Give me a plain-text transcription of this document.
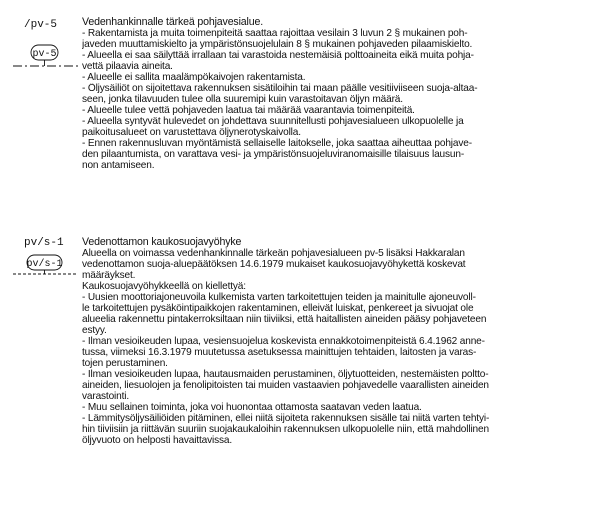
/pv-5
pv-5
Vedenhankinnalle tärkeä pohjavesialue.
- Rakentamista ja muita toimenpiteitä saattaa rajoittaa vesilain 3 luvun 2 § mukainen poh-
javeden muuttamiskielto ja ympäristönsuojelulain 8 § mukainen pohjaveden pilaamiskielto.
- Alueella ei saa säilyttää irrallaan tai varastoida nestemäisiä polttoaineita eikä muita pohja-
vettä pilaavia aineita.
- Alueelle ei sallita maalämpökaivojen rakentamista.
- Öljysäiliöt on sijoitettava rakennuksen sisätiloihin tai maan päälle vesitiiviiseen suoja-altaa-
seen, jonka tilavuuden tulee olla suuremipi kuin varastoitavan öljyn määrä.
- Alueelle tulee vettä pohjaveden laatua tai määrää vaarantavia toimenpiteitä.
- Alueella syntyvät hulevedet on johdettava suunnitellusti pohjavesialueen ulkopuolelle ja
paikoitusalueet on varustettava öljynerotyskaivolla.
- Ennen rakennusluvan myöntämistä sellaiselle laitokselle, joka saattaa aiheuttaa pohjave-
den pilaantumista, on varattava vesi- ja ympäristönsuojeluviranomaisille tilaisuus lausun-
non antamiseen.
pv/s-1
pv/s-1
Vedenottamon kaukosuojavyöhyke
Alueella on voimassa vedenhankinnalle tärkeän pohjavesialueen pv-5 lisäksi Hakkaralan
vedenottamon suoja-aluepäätöksen 14.6.1979 mukaiset kaukosuojavyöhykettä koskevat
määräykset.
Kaukosuojavyöhykkeellä on kiellettyä:
- Uusien moottoriajoneuvoila kulkemista varten tarkoitettujen teiden ja mainitulle ajoneuvoll-
le tarkoitettujen pysäköintipaikkojen rakentaminen, elleivät luiskat, penkereet ja sivuojat ole
alueelia rakennettu pintakerroksiltaan niin tiiviiksi, että haitallisten aineiden pääsy pohjaveteen
estyy.
- Ilman vesioikeuden lupaa, vesiensuojelua koskevista ennakkotoimenpiteistä 6.4.1962 anne-
tussa, viimeksi 16.3.1979 muutetussa asetuksessa mainittujen tehtaiden, laitosten ja varas-
tojen perustaminen.
- Ilman vesioikeuden lupaa, hautausmaiden perustaminen, öljytuotteiden, nestemäisten poltto-
aineiden, liesuolojen ja fenolipitoisten tai muiden vastaavien pohjavedelle vaarallisten aineiden
varastointi.
- Muu sellainen toiminta, joka voi huonontaa ottamosta saatavan veden laatua.
- Lämmitysöljysäiliöiden pitäminen, ellei niitä sijoiteta rakennuksen sisälle tai niitä varten tehtyi-
hin tiiviisiin ja riittävän suuriin suojakaukaloihin rakennuksen ulkopuolelle niin, että mahdollinen
öljyvuoto on helposti havaittavissa.
